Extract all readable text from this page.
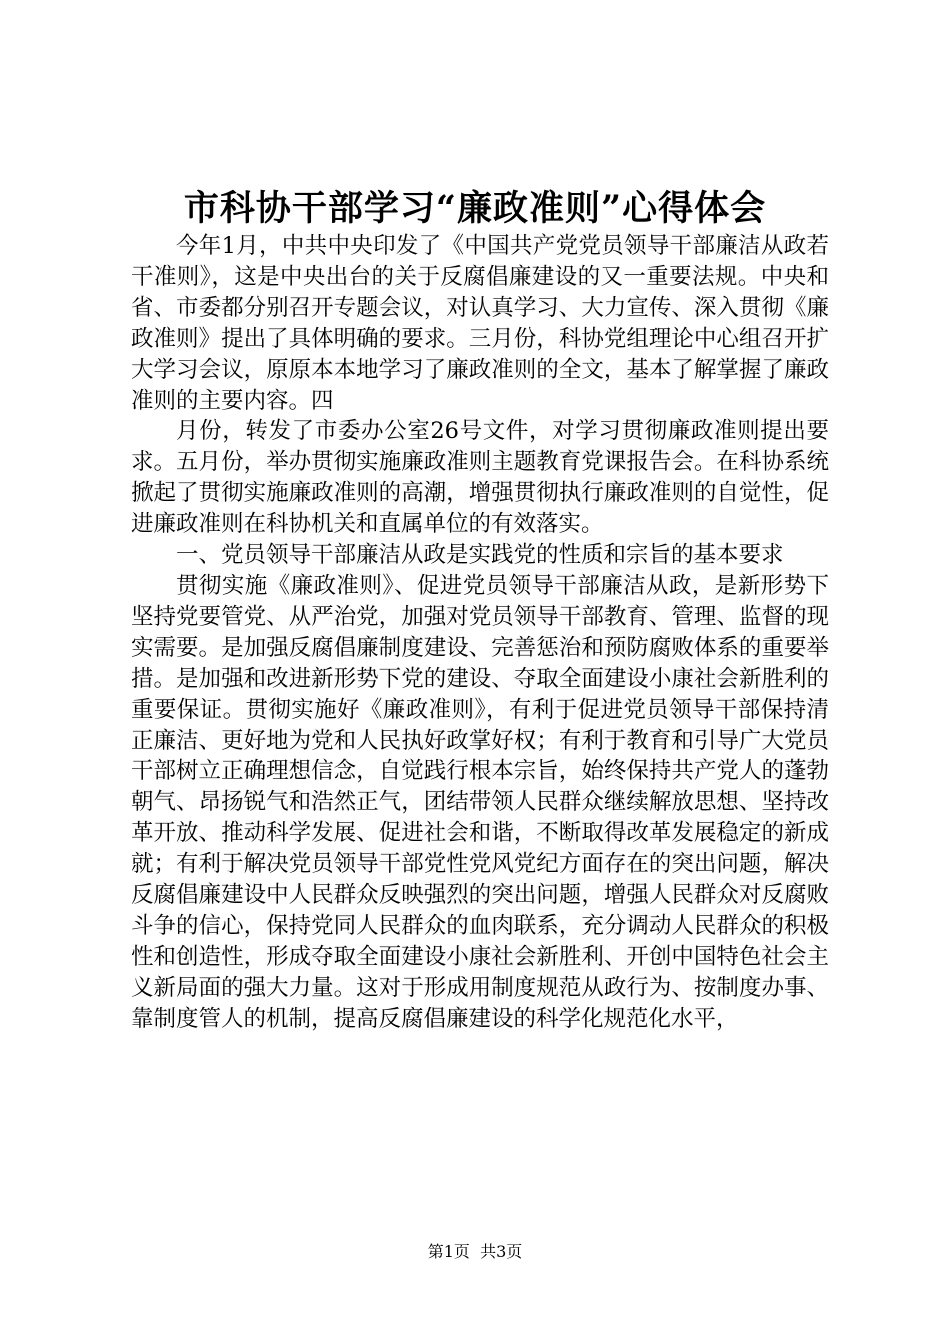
市科协干部学习“廉政准则”心得体会

今年1月，中共中央印发了《中国共产党党员领导干部廉洁从政若干准则》，这是中央出台的关于反腐倡廉建设的又一重要法规。中央和省、市委都分别召开专题会议，对认真学习、大力宣传、深入贯彻《廉政准则》提出了具体明确的要求。三月份，科协党组理论中心组召开扩大学习会议，原原本本地学习了廉政准则的全文，基本了解掌握了廉政准则的主要内容。四

月份，转发了市委办公室26号文件，对学习贯彻廉政准则提出要求。五月份，举办贯彻实施廉政准则主题教育党课报告会。在科协系统掀起了贯彻实施廉政准则的高潮，增强贯彻执行廉政准则的自觉性，促进廉政准则在科协机关和直属单位的有效落实。

一、党员领导干部廉洁从政是实践党的性质和宗旨的基本要求

贯彻实施《廉政准则》、促进党员领导干部廉洁从政，是新形势下坚持党要管党、从严治党，加强对党员领导干部教育、管理、监督的现实需要。是加强反腐倡廉制度建设、完善惩治和预防腐败体系的重要举措。是加强和改进新形势下党的建设、夺取全面建设小康社会新胜利的重要保证。贯彻实施好《廉政准则》，有利于促进党员领导干部保持清正廉洁、更好地为党和人民执好政掌好权；有利于教育和引导广大党员干部树立正确理想信念，自觉践行根本宗旨，始终保持共产党人的蓬勃朝气、昂扬锐气和浩然正气，团结带领人民群众继续解放思想、坚持改革开放、推动科学发展、促进社会和谐，不断取得改革发展稳定的新成就；有利于解决党员领导干部党性党风党纪方面存在的突出问题，解决反腐倡廉建设中人民群众反映强烈的突出问题，增强人民群众对反腐败斗争的信心，保持党同人民群众的血肉联系，充分调动人民群众的积极性和创造性，形成夺取全面建设小康社会新胜利、开创中国特色社会主义新局面的强大力量。这对于形成用制度规范从政行为、按制度办事、靠制度管人的机制，提高反腐倡廉建设的科学化规范化水平，

第1页 共3页
